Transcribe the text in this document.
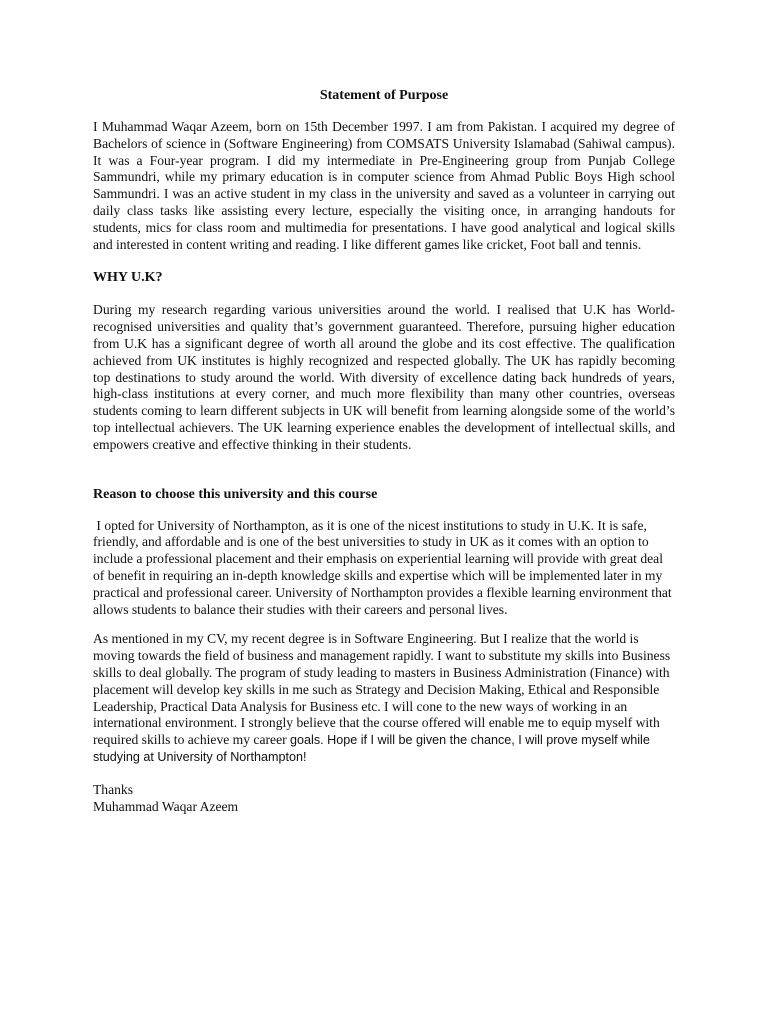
Statement of Purpose

I Muhammad Waqar Azeem, born on 15th December 1997. I am from Pakistan. I acquired my degree of Bachelors of science in (Software Engineering) from COMSATS University Islamabad (Sahiwal campus). It was a Four-year program. I did my intermediate in Pre-Engineering group from Punjab College Sammundri, while my primary education is in computer science from Ahmad Public Boys High school Sammundri. I was an active student in my class in the university and saved as a volunteer in carrying out daily class tasks like assisting every lecture, especially the visiting once, in arranging handouts for students, mics for class room and multimedia for presentations. I have good analytical and logical skills and interested in content writing and reading. I like different games like cricket, Foot ball and tennis.

WHY U.K?

During my research regarding various universities around the world. I realised that U.K has World-recognised universities and quality that’s government guaranteed. Therefore, pursuing higher education from U.K has a significant degree of worth all around the globe and its cost effective. The qualification achieved from UK institutes is highly recognized and respected globally. The UK has rapidly becoming top destinations to study around the world. With diversity of excellence dating back hundreds of years, high-class institutions at every corner, and much more flexibility than many other countries, overseas students coming to learn different subjects in UK will benefit from learning alongside some of the world’s top intellectual achievers. The UK learning experience enables the development of intellectual skills, and empowers creative and effective thinking in their students.

Reason to choose this university and this course

I opted for University of Northampton, as it is one of the nicest institutions to study in U.K. It is safe, friendly, and affordable and is one of the best universities to study in UK as it comes with an option to include a professional placement and their emphasis on experiential learning will provide with great deal of benefit in requiring an in-depth knowledge skills and expertise which will be implemented later in my practical and professional career. University of Northampton provides a flexible learning environment that allows students to balance their studies with their careers and personal lives.

As mentioned in my CV, my recent degree is in Software Engineering. But I realize that the world is moving towards the field of business and management rapidly. I want to substitute my skills into Business skills to deal globally. The program of study leading to masters in Business Administration (Finance) with placement will develop key skills in me such as Strategy and Decision Making, Ethical and Responsible Leadership, Practical Data Analysis for Business etc. I will cone to the new ways of working in an international environment. I strongly believe that the course offered will enable me to equip myself with required skills to achieve my career goals. Hope if I will be given the chance, I will prove myself while studying at University of Northampton!

Thanks
Muhammad Waqar Azeem
